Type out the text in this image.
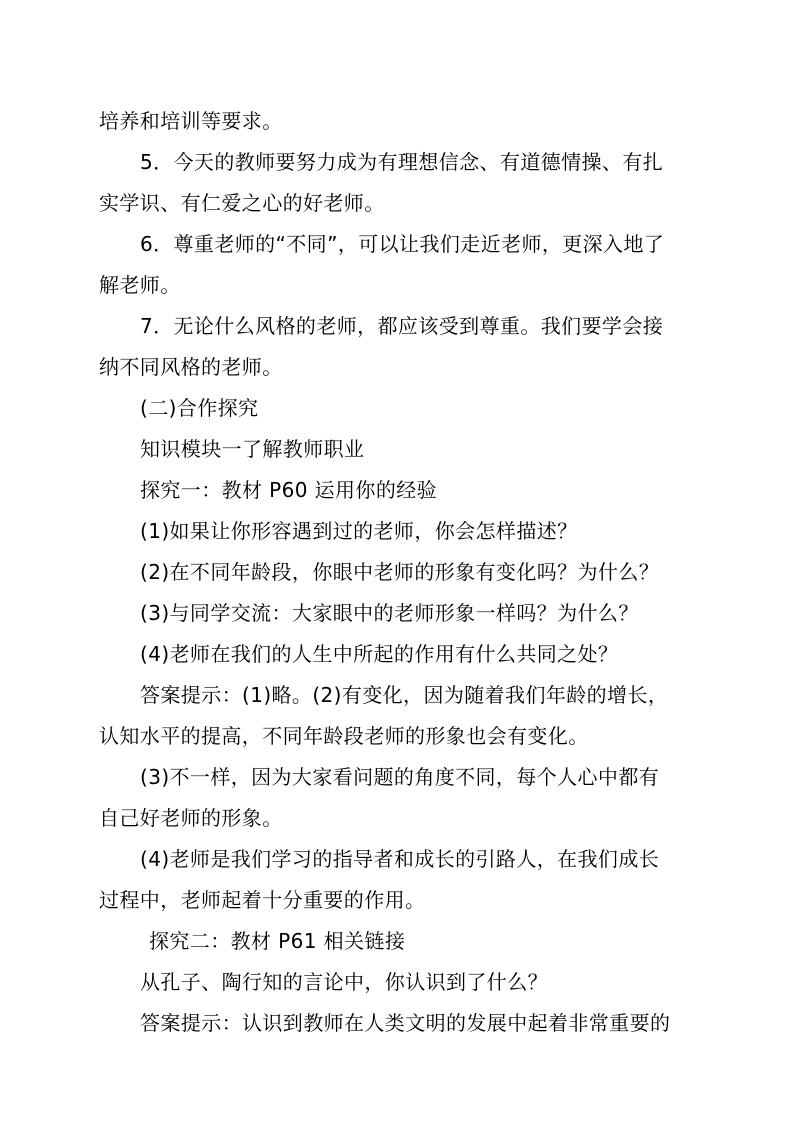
培养和培训等要求。
5．今天的教师要努力成为有理想信念、有道德情操、有扎
实学识、有仁爱之心的好老师。
6．尊重老师的“不同”，可以让我们走近老师，更深入地了
解老师。
7．无论什么风格的老师，都应该受到尊重。我们要学会接
纳不同风格的老师。
(二)合作探究
知识模块一了解教师职业
探究一：教材 P60 运用你的经验
(1)如果让你形容遇到过的老师，你会怎样描述？
(2)在不同年龄段，你眼中老师的形象有变化吗？为什么？
(3)与同学交流：大家眼中的老师形象一样吗？为什么？
(4)老师在我们的人生中所起的作用有什么共同之处？
答案提示：(1)略。(2)有变化，因为随着我们年龄的增长，
认知水平的提高，不同年龄段老师的形象也会有变化。
(3)不一样，因为大家看问题的角度不同，每个人心中都有
自己好老师的形象。
(4)老师是我们学习的指导者和成长的引路人，在我们成长
过程中，老师起着十分重要的作用。
探究二：教材 P61 相关链接
从孔子、陶行知的言论中，你认识到了什么？
答案提示：认识到教师在人类文明的发展中起着非常重要的
